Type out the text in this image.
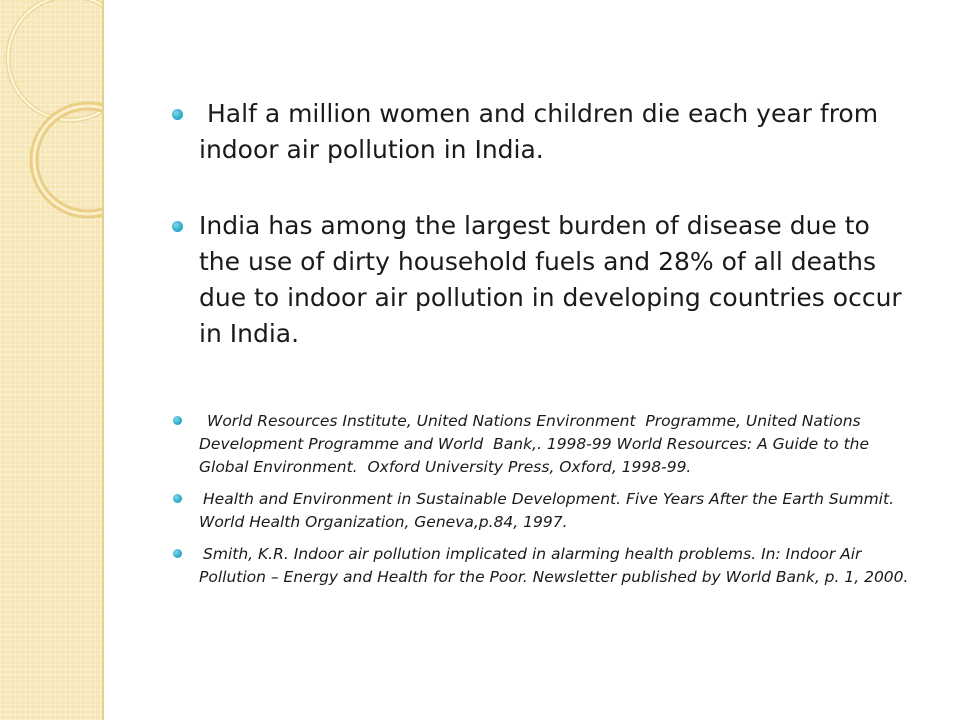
Half a million women and children die each year from indoor air pollution in India.
India has among the largest burden of disease due to the use of dirty household fuels and 28% of all deaths due to indoor air pollution in developing countries occur in India.
World Resources Institute, United Nations Environment  Programme, United Nations Development Programme and World  Bank,. 1998-99 World Resources: A Guide to the Global Environment.  Oxford University Press, Oxford, 1998-99.
Health and Environment in Sustainable Development. Five Years After the Earth Summit. World Health Organization, Geneva,p.84, 1997.
Smith, K.R. Indoor air pollution implicated in alarming health problems. In: Indoor Air Pollution – Energy and Health for the Poor. Newsletter published by World Bank, p. 1, 2000.
